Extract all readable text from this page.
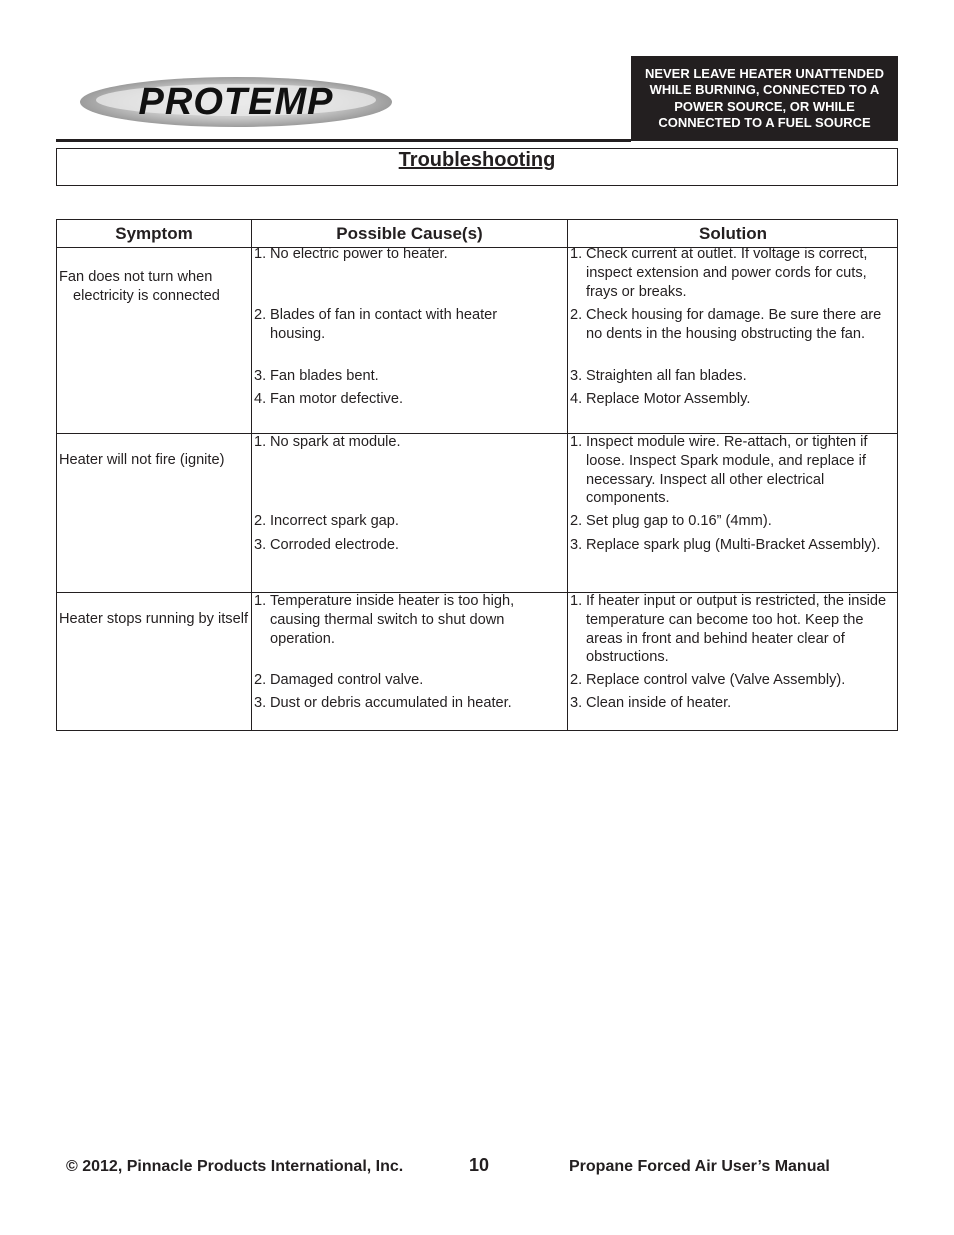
PROTEMP
NEVER LEAVE HEATER UNATTENDED
WHILE BURNING, CONNECTED TO A
POWER SOURCE, OR WHILE
CONNECTED TO A FUEL SOURCE
Troubleshooting
Symptom	Possible Cause(s)	Solution
Fan does not turn when electricity is connected
1. No electric power to heater.	1. Check current at outlet. If voltage is correct, inspect extension and power cords for cuts, frays or breaks.
2. Blades of fan in contact with heater housing.
2. Check housing for damage. Be sure there are no dents in the housing obstructing the fan.
3. Fan blades bent.	3. Straighten all fan blades.
4. Fan motor defective.	4. Replace Motor Assembly.
Heater will not fire (ignite)
1. No spark at module.	1. Inspect module wire. Re-attach, or tighten if loose. Inspect Spark module, and replace if necessary. Inspect all other electrical components.
2. Incorrect spark gap.	2. Set plug gap to 0.16” (4mm).
3. Corroded electrode.	3. Replace spark plug (Multi-Bracket Assembly).
Heater stops running by itself
1. Temperature inside heater is too high, causing thermal switch to shut down operation.
1. If heater input or output is restricted, the inside temperature can become too hot. Keep the areas in front and behind heater clear of obstructions.
2. Damaged control valve.	2. Replace control valve (Valve Assembly).
3. Dust or debris accumulated in heater.	3. Clean inside of heater.
© 2012, Pinnacle Products International, Inc.	10	Propane Forced Air User’s Manual
